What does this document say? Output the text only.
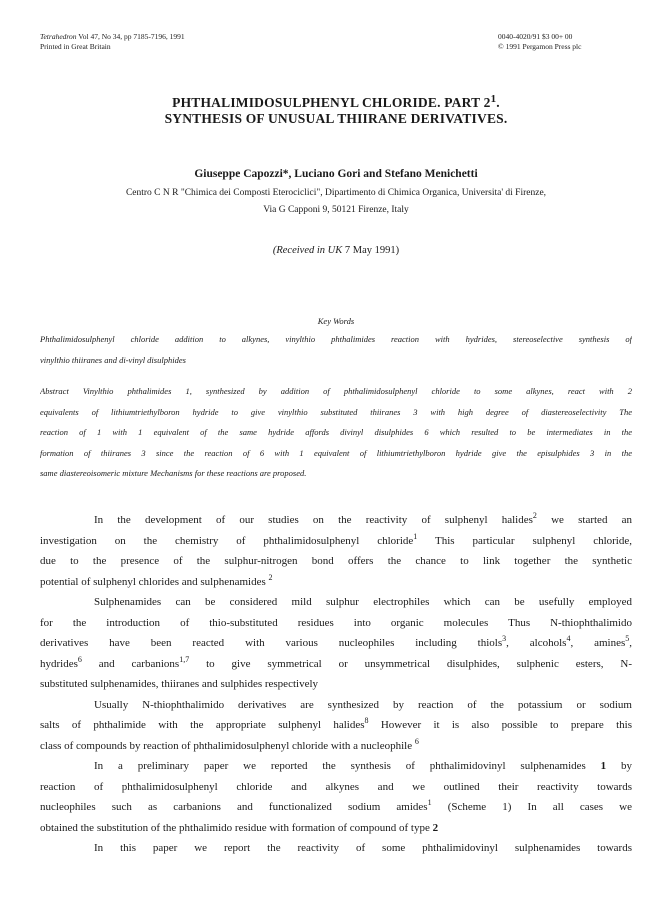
Tetrahedron Vol 47, No 34, pp 7185-7196, 1991
Printed in Great Britain
0040-4020/91 $3 00+ 00
© 1991 Pergamon Press plc
PHTHALIMIDOSULPHENYL CHLORIDE. PART $2^1$.
SYNTHESIS OF UNUSUAL THIIRANE DERIVATIVES.
Giuseppe Capozzi*, Luciano Gori and Stefano Menichetti
Centro C N R "Chimica dei Composti Eterociclici", Dipartimento di Chimica Organica, Universita' di Firenze,
Via G Capponi 9, 50121 Firenze, Italy
(Received in UK 7 May 1991)
Key Words
Phthalimidosulphenyl chloride addition to alkynes, vinylthio phthalimides reaction with hydrides, stereoselective synthesis of
vinylthio thiiranes and di-vinyl disulphides
Abstract Vinylthio phthalimides 1, synthesized by addition of phthalimidosulphenyl chloride to some alkynes, react with 2
equivalents of lithiumtriethylboron hydride to give vinylthio substituted thiiranes 3 with high degree of diastereoselectivity The
reaction of 1 with 1 equivalent of the same hydride affords divinyl disulphides 6 which resulted to be intermediates in the
formation of thiiranes 3 since the reaction of 6 with 1 equivalent of lithiumtriethylboron hydride give the episulphides 3 in the
same diastereoisomeric mixture Mechanisms for these reactions are proposed.
In the development of our studies on the reactivity of sulphenyl halides$^2$ we started an
investigation on the chemistry of phthalimidosulphenyl chloride$^1$ This particular sulphenyl chloride,
due to the presence of the sulphur-nitrogen bond offers the chance to link together the synthetic
potential of sulphenyl chlorides and sulphenamides $^2$
Sulphenamides can be considered mild sulphur electrophiles which can be usefully employed
for the introduction of thio-substituted residues into organic molecules Thus N-thiophthalimido
derivatives have been reacted with various nucleophiles including thiols$^3$, alcohols$^4$, amines$^5$,
hydrides$^6$ and carbanions$^{1,7}$ to give symmetrical or unsymmetrical disulphides, sulphenic esters, N-
substituted sulphenamides, thiiranes and sulphides respectively
Usually N-thiophthalimido derivatives are synthesized by reaction of the potassium or sodium
salts of phthalimide with the appropriate sulphenyl halides$^8$ However it is also possible to prepare this
class of compounds by reaction of phthalimidosulphenyl chloride with a nucleophile $^6$
In a preliminary paper we reported the synthesis of phthalimidovinyl sulphenamides 1 by
reaction of phthalimidosulphenyl chloride and alkynes and we outlined their reactivity towards
nucleophiles such as carbanions and functionalized sodium amides$^1$ (Scheme 1) In all cases we
obtained the substitution of the phthalimido residue with formation of compound of type 2
In this paper we report the reactivity of some phthalimidovinyl sulphenamides towards
